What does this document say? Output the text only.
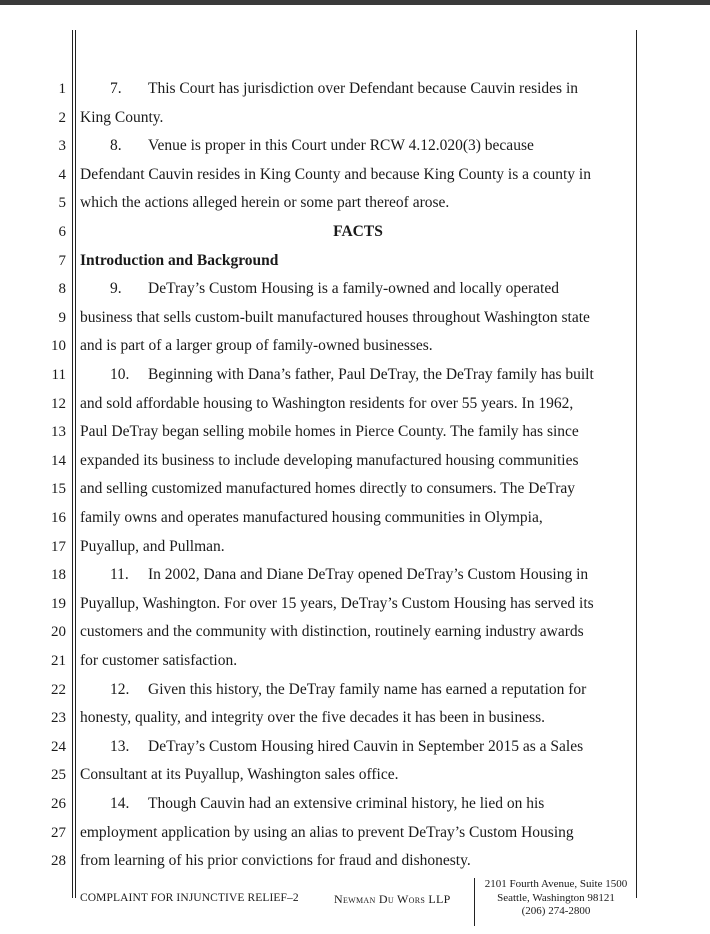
1
2
3
4
5
6
7
8
9
10
11
12
13
14
15
16
17
18
19
20
21
22
23
24
25
26
27
28
7. This Court has jurisdiction over Defendant because Cauvin resides in
King County.
8. Venue is proper in this Court under RCW 4.12.020(3) because
Defendant Cauvin resides in King County and because King County is a county in
which the actions alleged herein or some part thereof arose.
FACTS
Introduction and Background
9. DeTray’s Custom Housing is a family-owned and locally operated
business that sells custom-built manufactured houses throughout Washington state
and is part of a larger group of family-owned businesses.
10. Beginning with Dana’s father, Paul DeTray, the DeTray family has built
and sold affordable housing to Washington residents for over 55 years. In 1962,
Paul DeTray began selling mobile homes in Pierce County. The family has since
expanded its business to include developing manufactured housing communities
and selling customized manufactured homes directly to consumers. The DeTray
family owns and operates manufactured housing communities in Olympia,
Puyallup, and Pullman.
11. In 2002, Dana and Diane DeTray opened DeTray’s Custom Housing in
Puyallup, Washington. For over 15 years, DeTray’s Custom Housing has served its
customers and the community with distinction, routinely earning industry awards
for customer satisfaction.
12. Given this history, the DeTray family name has earned a reputation for
honesty, quality, and integrity over the five decades it has been in business.
13. DeTray’s Custom Housing hired Cauvin in September 2015 as a Sales
Consultant at its Puyallup, Washington sales office.
14. Though Cauvin had an extensive criminal history, he lied on his
employment application by using an alias to prevent DeTray’s Custom Housing
from learning of his prior convictions for fraud and dishonesty.
COMPLAINT FOR INJUNCTIVE RELIEF–2	Newman Du Wors LLP
2101 Fourth Avenue, Suite 1500
Seattle, Washington 98121
(206) 274-2800
